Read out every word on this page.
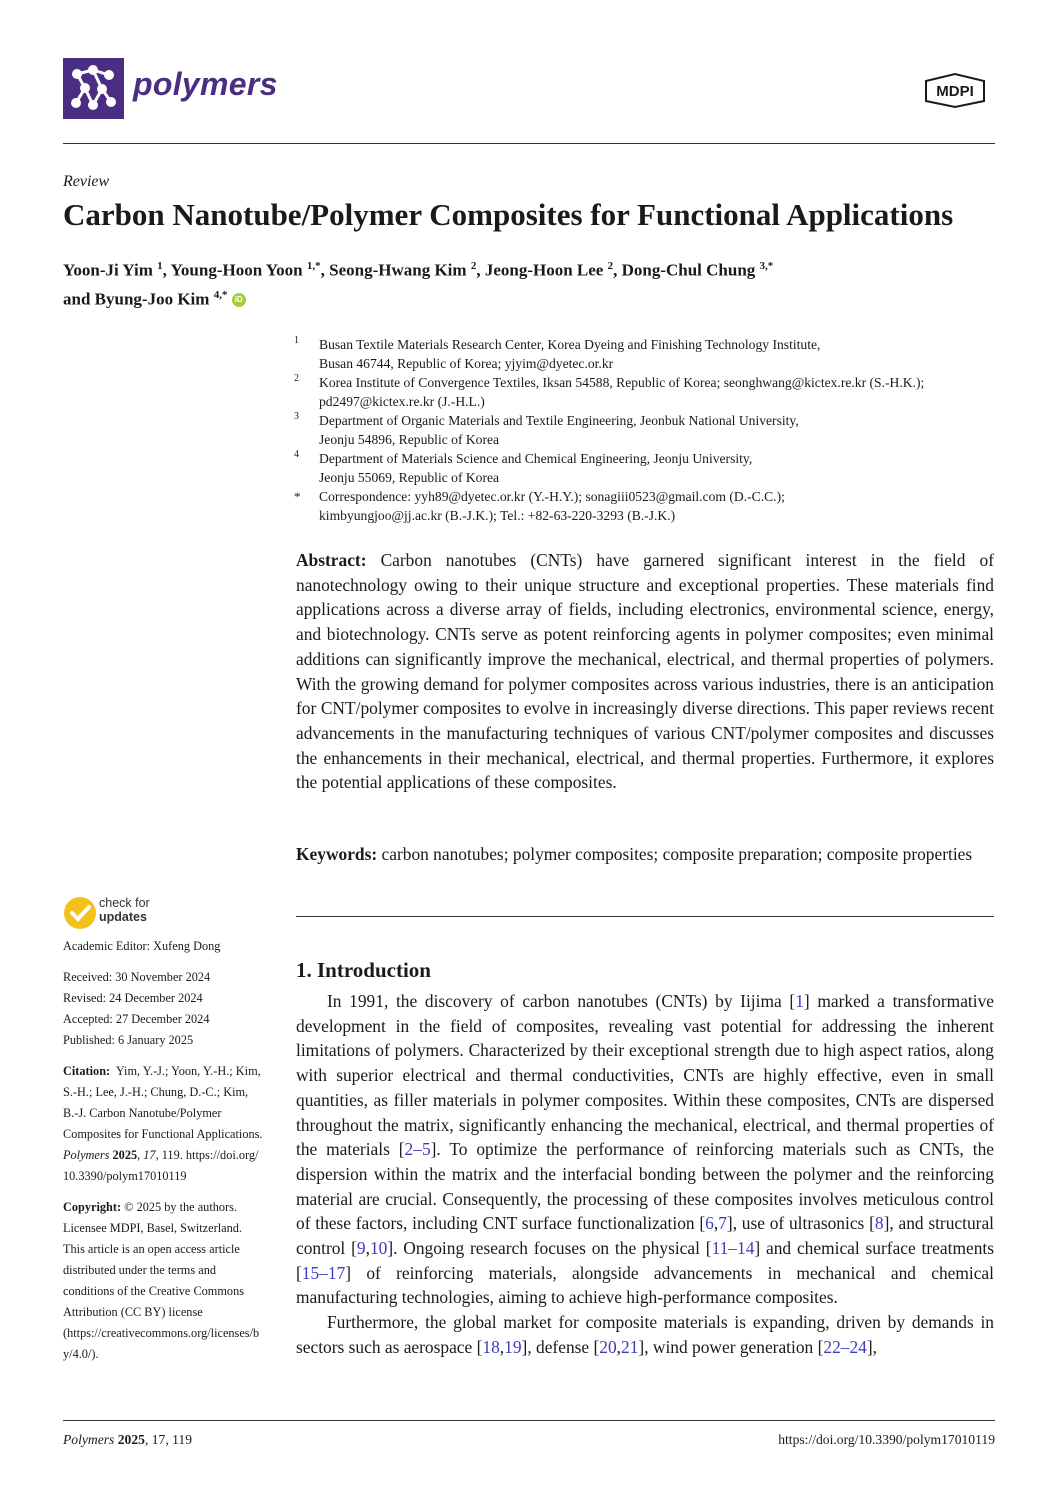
polymers	MDPI
Review
Carbon Nanotube/Polymer Composites for Functional Applications
Yoon-Ji Yim $^1$, Young-Hoon Yoon $^{1,*}$, Seong-Hwang Kim $^2$, Jeong-Hoon Lee $^2$, Dong-Chul Chung $^{3,*}$
and Byung-Joo Kim $^{4,*}$ iD
1 Busan Textile Materials Research Center, Korea Dyeing and Finishing Technology Institute,
Busan 46744, Republic of Korea; yjyim@dyetec.or.kr
2 Korea Institute of Convergence Textiles, Iksan 54588, Republic of Korea; seonghwang@kictex.re.kr (S.-H.K.);
pd2497@kictex.re.kr (J.-H.L.)
3 Department of Organic Materials and Textile Engineering, Jeonbuk National University,
Jeonju 54896, Republic of Korea
4 Department of Materials Science and Chemical Engineering, Jeonju University,
Jeonju 55069, Republic of Korea
* Correspondence: yyh89@dyetec.or.kr (Y.-H.Y.); sonagiii0523@gmail.com (D.-C.C.);
kimbyungjoo@jj.ac.kr (B.-J.K.); Tel.: +82-63-220-3293 (B.-J.K.)
Abstract: Carbon nanotubes (CNTs) have garnered significant interest in the field of nanotechnology owing to their unique structure and exceptional properties. These materials find applications across a diverse array of fields, including electronics, environmental science, energy, and biotechnology. CNTs serve as potent reinforcing agents in polymer composites; even minimal additions can significantly improve the mechanical, electrical, and thermal properties of polymers. With the growing demand for polymer composites across various industries, there is an anticipation for CNT/polymer composites to evolve in increasingly diverse directions. This paper reviews recent advancements in the manufacturing techniques of various CNT/polymer composites and discusses the enhancements in their mechanical, electrical, and thermal properties. Furthermore, it explores the potential applications of these composites.
Keywords: carbon nanotubes; polymer composites; composite preparation; composite properties
1. Introduction

In 1991, the discovery of carbon nanotubes (CNTs) by Iijima [1] marked a transformative development in the field of composites, revealing vast potential for addressing the inherent limitations of polymers. Characterized by their exceptional strength due to high aspect ratios, along with superior electrical and thermal conductivities, CNTs are highly effective, even in small quantities, as filler materials in polymer composites. Within these composites, CNTs are dispersed throughout the matrix, significantly enhancing the mechanical, electrical, and thermal properties of the materials [2–5]. To optimize the performance of reinforcing materials such as CNTs, the dispersion within the matrix and the interfacial bonding between the polymer and the reinforcing material are crucial. Consequently, the processing of these composites involves meticulous control of these factors, including CNT surface functionalization [6,7], use of ultrasonics [8], and structural control [9,10]. Ongoing research focuses on the physical [11–14] and chemical surface treatments [15–17] of reinforcing materials, alongside advancements in mechanical and chemical manufacturing technologies, aiming to achieve high-performance composites.

Furthermore, the global market for composite materials is expanding, driven by demands in sectors such as aerospace [18,19], defense [20,21], wind power generation [22–24],

check for
updates

Academic Editor: Xufeng Dong

Received: 30 November 2024

Revised: 24 December 2024

Accepted: 27 December 2024

Published: 6 January 2025

Citation: Yim, Y.-J.; Yoon, Y.-H.; Kim, S.-H.; Lee, J.-H.; Chung, D.-C.; Kim, B.-J. Carbon Nanotube/Polymer Composites for Functional Applications. Polymers 2025, 17, 119. https://doi.org/10.3390/polym17010119

Copyright: © 2025 by the authors. Licensee MDPI, Basel, Switzerland. This article is an open access article distributed under the terms and conditions of the Creative Commons Attribution (CC BY) license (https://creativecommons.org/licenses/by/4.0/).

Polymers 2025, 17, 119	https://doi.org/10.3390/polym17010119
